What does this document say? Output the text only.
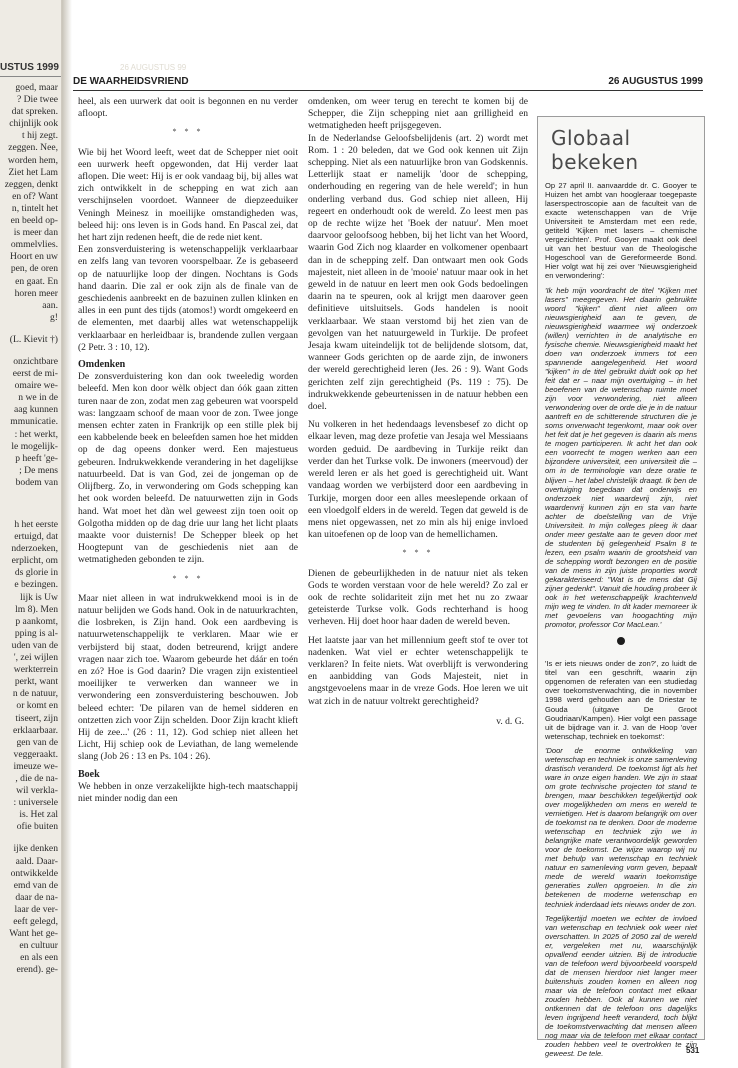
USTUS 1999
goed, maar
? Die twee
dat spreken.
chijnlijk ook
t hij zegt.
zeggen. Nee,
worden hem,
Ziet het Lam
zeggen, denkt
en of? Want
n, tintelt het
en beeld op-
is meer dan
ommelvlies.
Hoort en uw
pen, de oren
en gaat. En
horen meer
aan.
g!
(L. Kievit †)
onzichtbare
eerst de mi-
omaire we-
n we in de
aag kunnen
mmunicatie.
: het werkt,
le mogelijk-
p heeft 'ge-
; De mens
bodem van
h het eerste
ertuigd, dat
nderzoeken,
erplicht, om
ds glorie in
e bezingen.
lijk is Uw
lm 8). Men
p aankomt,
pping is al-
uden van de
', zei wijlen
werkterrein
perkt, want
n de natuur,
or komt en
tiseert, zijn
erklaarbaar.
gen van de
veggeraakt.
imeuze we-
, die de na-
wil verkla-
: universele
is. Het zal
ofie buiten
ijke denken
aald. Daar-
ontwikkelde
emd van de
daar de na-
laar de ver-
eeft gelegd,
Want het ge-
en cultuur
en als een
erend). ge-
26 AUGUSTUS 99
DE WAARHEIDSVRIEND	26 AUGUSTUS 1999

heel, als een uurwerk dat ooit is begonnen en nu verder afloopt.

* * *

Wie bij het Woord leeft, weet dat de Schepper niet ooit een uurwerk heeft opgewonden, dat Hij verder laat aflopen. Die weet: Hij is er ook vandaag bij, bij alles wat zich ontwikkelt in de schepping en wat zich aan verschijnselen voordoet. Wanneer de diepzeeduiker Veningh Meinesz in moeilijke omstandigheden was, beleed hij: ons leven is in Gods hand. En Pascal zei, dat het hart zijn redenen heeft, die de rede niet kent.

Een zonsverduistering is wetenschappelijk verklaarbaar en zelfs lang van tevoren voorspelbaar. Ze is gebaseerd op de natuurlijke loop der dingen. Nochtans is Gods hand daarin. Die zal er ook zijn als de finale van de geschiedenis aanbreekt en de bazuinen zullen klinken en alles in een punt des tijds (atomos!) wordt omgekeerd en de elementen, met daarbij alles wat wetenschappelijk verklaarbaar en herleidbaar is, brandende zullen vergaan (2 Petr. 3 : 10, 12).

Omdenken

De zonsverduistering kon dan ook tweeledig worden beleefd. Men kon door wèlk object dan óók gaan zitten turen naar de zon, zodat men zag gebeuren wat voorspeld was: langzaam schoof de maan voor de zon. Twee jonge mensen echter zaten in Frankrijk op een stille plek bij een kabbelende beek en beleefden samen hoe het midden op de dag opeens donker werd. Een majestueus gebeuren. Indrukwekkende verandering in het dagelijkse natuurbeeld. Dat is van God, zei de jongeman op de Olijfberg. Zo, in verwondering om Gods schepping kan het ook worden beleefd. De natuurwetten zijn in Gods hand. Wat moet het dàn wel geweest zijn toen ooit op Golgotha midden op de dag drie uur lang het licht plaats maakte voor duisternis! De Schepper bleek op het Hoogtepunt van de geschiedenis niet aan de wetmatigheden gebonden te zijn.

* * *

Maar niet alleen in wat indrukwekkend mooi is in de natuur belijden we Gods hand. Ook in de natuurkrachten, die losbreken, is Zijn hand. Ook een aardbeving is natuurwetenschappelijk te verklaren. Maar wie er verbijsterd bij staat, doden betreurend, krijgt andere vragen naar zich toe. Waarom gebeurde het dáár en toén en zó? Hoe is God daarin? Die vragen zijn existentieel moeilijker te verwerken dan wanneer we in verwondering een zonsverduistering beschouwen. Job beleed echter: 'De pilaren van de hemel sidderen en ontzetten zich voor Zijn schelden. Door Zijn kracht klieft Hij de zee...' (26 : 11, 12). God schiep niet alleen het Licht, Hij schiep ook de Leviathan, de lang wemelende slang (Job 26 : 13 en Ps. 104 : 26).

Boek

We hebben in onze verzakelijkte high-tech maatschappij niet minder nodig dan een

omdenken, om weer terug en terecht te komen bij de Schepper, die Zijn schepping niet aan grilligheid en wetmatigheden heeft prijsgegeven.

In de Nederlandse Geloofsbelijdenis (art. 2) wordt met Rom. 1 : 20 beleden, dat we God ook kennen uit Zijn schepping. Niet als een natuurlijke bron van Godskennis. Letterlijk staat er namelijk 'door de schepping, onderhouding en regering van de hele wereld'; in hun onderling verband dus. God schiep niet alleen, Hij regeert en onderhoudt ook de wereld. Zo leest men pas op de rechte wijze het 'Boek der natuur'. Men moet daarvoor geloofsoog hebben, bij het licht van het Woord, waarin God Zich nog klaarder en volkomener openbaart dan in de schepping zelf. Dan ontwaart men ook Gods majesteit, niet alleen in de 'mooie' natuur maar ook in het geweld in de natuur en leert men ook Gods bedoelingen daarin na te speuren, ook al krijgt men daarover geen definitieve uitsluitsels. Gods handelen is nooit verklaarbaar. We staan verstomd bij het zien van de gevolgen van het natuurgeweld in Turkije. De profeet Jesaja kwam uiteindelijk tot de belijdende slotsom, dat, wanneer Gods gerichten op de aarde zijn, de inwoners der wereld gerechtigheid leren (Jes. 26 : 9). Want Gods gerichten zelf zijn gerechtigheid (Ps. 119 : 75). De indrukwekkende gebeurtenissen in de natuur hebben een doel.

Nu volkeren in het hedendaags levensbesef zo dicht op elkaar leven, mag deze profetie van Jesaja wel Messiaans worden geduid. De aardbeving in Turkije reikt dan verder dan het Turkse volk. De inwoners (meervoud) der wereld leren er als het goed is gerechtigheid uit. Want vandaag worden we verbijsterd door een aardbeving in Turkije, morgen door een alles meeslepende orkaan of een vloedgolf elders in de wereld. Tegen dat geweld is de mens niet opgewassen, net zo min als hij enige invloed kan uitoefenen op de loop van de hemellichamen.

* * *

Dienen de gebeurlijkheden in de natuur niet als teken Gods te worden verstaan voor de hele wereld? Zo zal er ook de rechte solidariteit zijn met het nu zo zwaar geteisterde Turkse volk. Gods rechterhand is hoog verheven. Hij doet hoor haar daden de wereld beven.

Het laatste jaar van het millennium geeft stof te over tot nadenken. Wat viel er echter wetenschappelijk te verklaren? In feite niets. Wat overblijft is verwondering en aanbidding van Gods Majesteit, niet in angstgevoelens maar in de vreze Gods. Hoe leren we uit wat zich in de natuur voltrekt gerechtigheid?

v. d. G.
Globaal bekeken

Op 27 april II. aanvaardde dr. C. Gooyer te Huizen het ambt van hoogleraar toegepaste laserspectroscopie aan de faculteit van de exacte wetenschappen van de Vrije Universiteit te Amsterdam met een rede, getiteld 'Kijken met lasers – chemische vergezichten'. Prof. Gooyer maakt ook deel uit van het bestuur van de Theologische Hogeschool van de Gereformeerde Bond. Hier volgt wat hij zei over 'Nieuwsgierigheid en verwondering':

'Ik heb mijn voordracht de titel "Kijken met lasers" meegegeven. Het daarin gebruikte woord "kijken" dient niet alleen om nieuwsgierigheid aan te geven, de nieuwsgierigheid waarmee wij onderzoek (willen) verrichten in de analytische en fysische chemie. Nieuwsgierigheid maakt het doen van onderzoek immers tot een spannende aangelegenheid. Het woord "kijken" in de titel gebruikt duidt ook op het feit dat er – naar mijn overtuiging – in het beoefenen van de wetenschap ruimte moet zijn voor verwondering, niet alleen verwondering over de orde die je in de natuur aantreft en de schitterende structuren die je soms onverwacht tegenkomt, maar ook over het feit dat je het gegeven is daarin als mens te mogen participeren. Ik acht het dan ook een voorrecht te mogen werken aan een bijzondere universiteit, een universiteit die – om in de terminologie van deze oratie te blijven – het label christelijk draagt. Ik ben de overtuiging toegedaan dat onderwijs en onderzoek niet waardevrij zijn, niet waardenvrij kunnen zijn en sta van harte achter de doelstelling van de Vrije Universiteit. In mijn colleges pleeg ik daar onder meer gestalte aan te geven door met de studenten bij gelegenheid Psalm 8 te lezen, een psalm waarin de grootsheid van de schepping wordt bezongen en de positie van de mens in zijn juiste proporties wordt gekarakteriseerd: "Wat is de mens dat Gij zijner gedenkt". Vanuit die houding probeer ik ook in het wetenschappelijk krachtenveld mijn weg te vinden. In dit kader memoreer ik met gevoelens van hoogachting mijn promotor, professor Cor MacLean.'

'Is er iets nieuws onder de zon?', zo luidt de titel van een geschrift, waarin zijn opgenomen de referaten van een studiedag over toekomstverwachting, die in november 1998 werd gehouden aan de Driestar te Gouda (uitgave De Groot Goudriaan/Kampen). Hier volgt een passage uit de bijdrage van ir. J. van de Hoop 'over wetenschap, techniek en toekomst':

'Door de enorme ontwikkeling van wetenschap en techniek is onze samenleving drastisch veranderd. De toekomst ligt als het ware in onze eigen handen. We zijn in staat om grote technische projecten tot stand te brengen, maar beschikken tegelijkertijd ook over mogelijkheden om mens en wereld te vernietigen. Het is daarom belangrijk om over de toekomst na te denken. Door de moderne wetenschap en techniek zijn we in belangrijke mate verantwoordelijk geworden voor de toekomst. De wijze waarop wij nu met behulp van wetenschap en techniek natuur en samenleving vorm geven, bepaalt mede de wereld waarin toekomstige generaties zullen opgroeien. In die zin betekenen de moderne wetenschap en techniek inderdaad iets nieuws onder de zon.

Tegelijkertijd moeten we echter de invloed van wetenschap en techniek ook weer niet overschatten. In 2025 of 2050 zal de wereld er, vergeleken met nu, waarschijnlijk opvallend eender uitzien. Bij de introductie van de telefoon werd bijvoorbeeld voorspeld dat de mensen hierdoor niet langer meer buitenshuis zouden komen en alleen nog maar via de telefoon contact met elkaar zouden hebben. Ook al kunnen we niet ontkennen dat de telefoon ons dagelijks leven ingrijpend heeft veranderd, toch blijkt de toekomstverwachting dat mensen alleen nog maar via de telefoon met elkaar contact zouden hebben veel te overtrokken te zijn geweest. De tele.	531
